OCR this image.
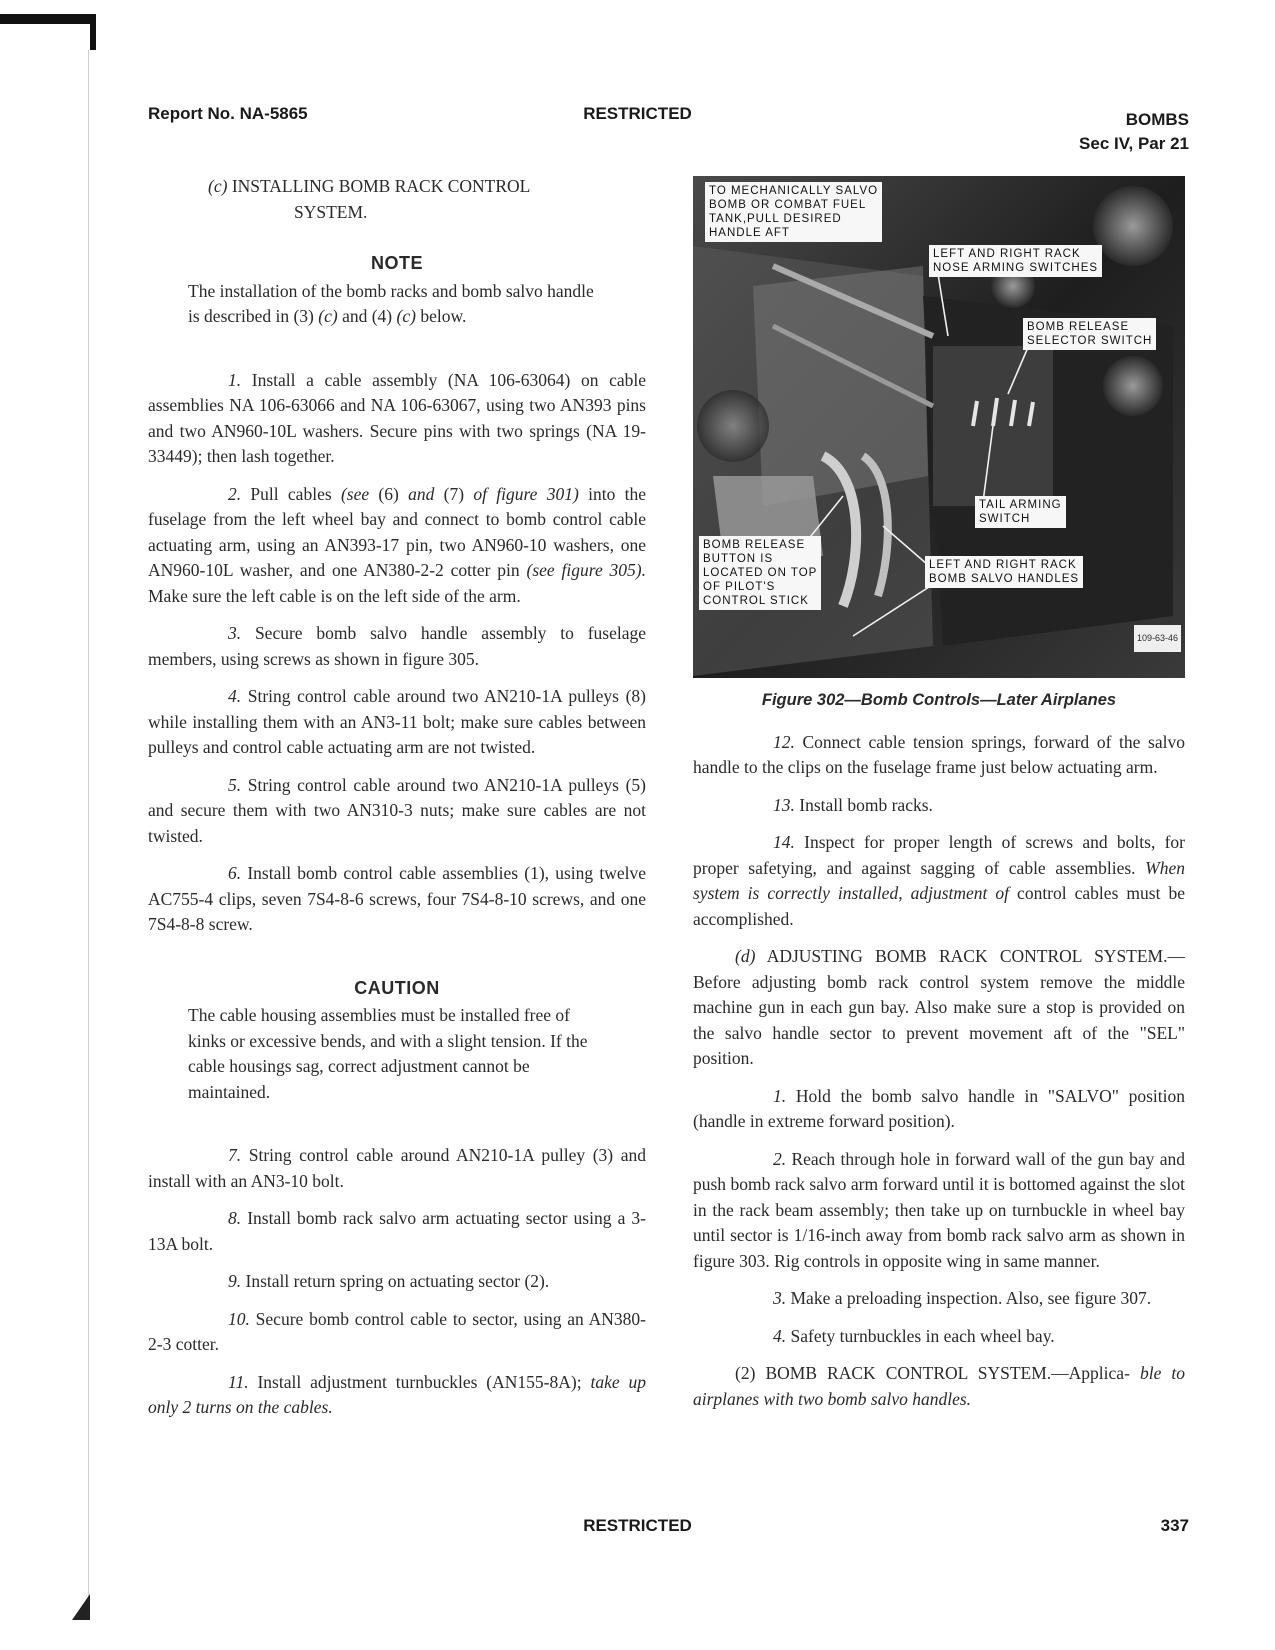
Report No. NA-5865	RESTRICTED	BOMBS
Sec IV, Par 21

(c) INSTALLING BOMB RACK CONTROL
SYSTEM.

NOTE

The installation of the bomb racks and bomb salvo handle is described in (3) (c) and (4) (c) below.

1. Install a cable assembly (NA 106-63064) on cable assemblies NA 106-63066 and NA 106-63067, using two AN393 pins and two AN960-10L washers. Secure pins with two springs (NA 19-33449); then lash together.

2. Pull cables (see (6) and (7) of figure 301) into the fuselage from the left wheel bay and connect to bomb control cable actuating arm, using an AN393-17 pin, two AN960-10 washers, one AN960-10L washer, and one AN380-2-2 cotter pin (see figure 305). Make sure the left cable is on the left side of the arm.

3. Secure bomb salvo handle assembly to fuselage members, using screws as shown in figure 305.

4. String control cable around two AN210-1A pulleys (8) while installing them with an AN3-11 bolt; make sure cables between pulleys and control cable actuating arm are not twisted.

5. String control cable around two AN210-1A pulleys (5) and secure them with two AN310-3 nuts; make sure cables are not twisted.

6. Install bomb control cable assemblies (1), using twelve AC755-4 clips, seven 7S4-8-6 screws, four 7S4-8-10 screws, and one 7S4-8-8 screw.

CAUTION

The cable housing assemblies must be installed free of kinks or excessive bends, and with a slight tension. If the cable housings sag, correct adjustment cannot be maintained.

7. String control cable around AN210-1A pulley (3) and install with an AN3-10 bolt.

8. Install bomb rack salvo arm actuating sector using a 3-13A bolt.

9. Install return spring on actuating sector (2).

10. Secure bomb control cable to sector, using an AN380-2-3 cotter.

11. Install adjustment turnbuckles (AN155-8A); take up only 2 turns on the cables.

TO MECHANICALLY SALVO
BOMB OR COMBAT FUEL
TANK,PULL DESIRED
HANDLE AFT
LEFT AND RIGHT RACK
NOSE ARMING SWITCHES
BOMB RELEASE
SELECTOR SWITCH
TAIL ARMING
SWITCH
BOMB RELEASE
BUTTON IS
LOCATED ON TOP
OF PILOT'S
CONTROL STICK
LEFT AND RIGHT RACK
BOMB SALVO HANDLES
109-63-46
Figure 302—Bomb Controls—Later Airplanes

12. Connect cable tension springs, forward of the salvo handle to the clips on the fuselage frame just below actuating arm.

13. Install bomb racks.

14. Inspect for proper length of screws and bolts, for proper safetying, and against sagging of cable assemblies. When system is correctly installed, adjustment of control cables must be accomplished.

(d) ADJUSTING BOMB RACK CONTROL SYSTEM.—Before adjusting bomb rack control system remove the middle machine gun in each gun bay. Also make sure a stop is provided on the salvo handle sector to prevent movement aft of the "SEL" position.

1. Hold the bomb salvo handle in "SALVO" position (handle in extreme forward position).

2. Reach through hole in forward wall of the gun bay and push bomb rack salvo arm forward until it is bottomed against the slot in the rack beam assembly; then take up on turnbuckle in wheel bay until sector is 1/16-inch away from bomb rack salvo arm as shown in figure 303. Rig controls in opposite wing in same manner.

3. Make a preloading inspection. Also, see figure 307.

4. Safety turnbuckles in each wheel bay.

(2) BOMB RACK CONTROL SYSTEM.—Applica- ble to airplanes with two bomb salvo handles.

RESTRICTED	337
